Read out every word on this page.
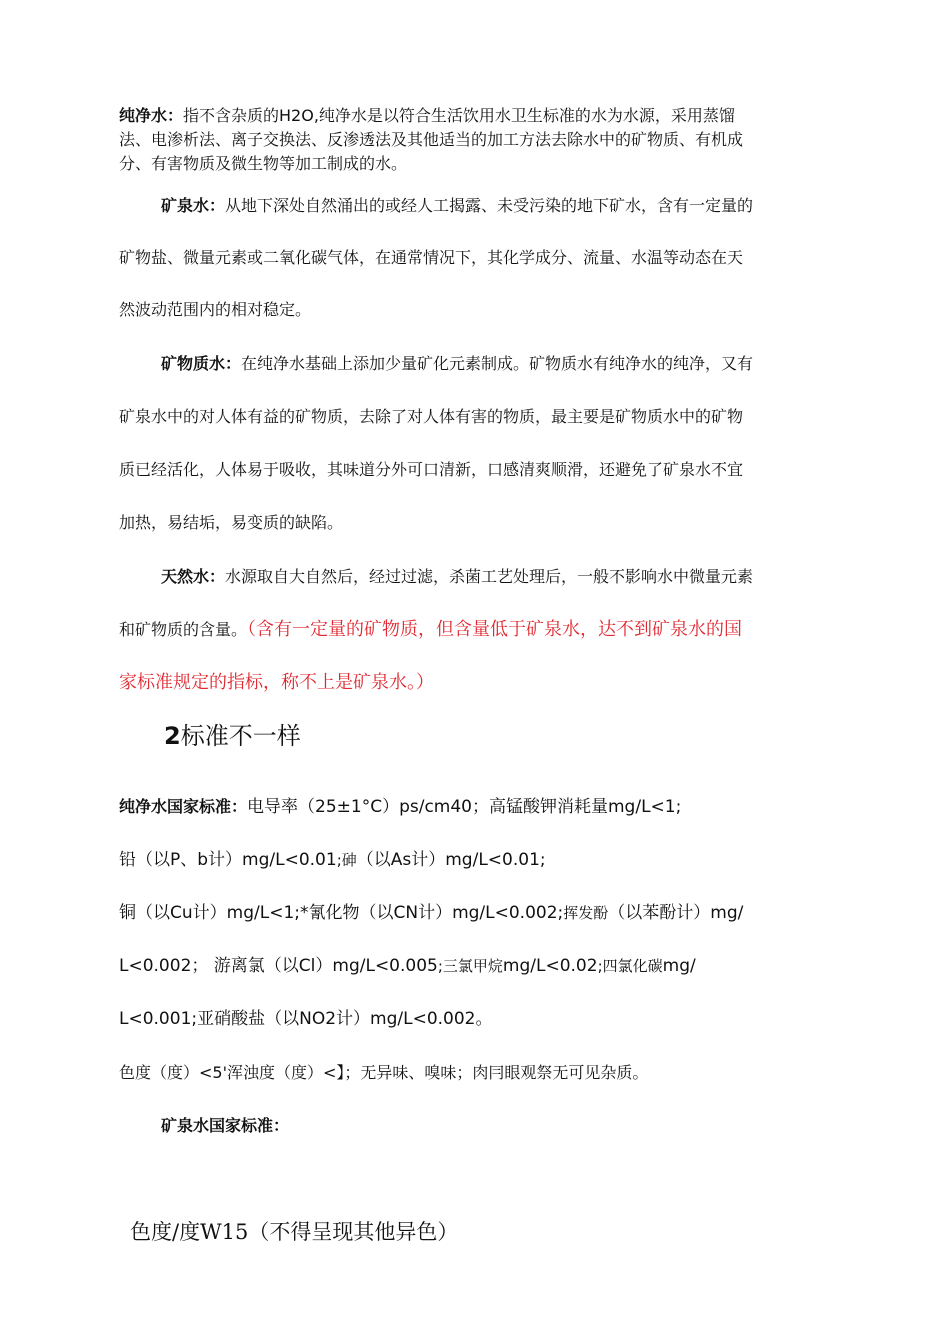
纯净水：指不含杂质的H2O,纯净水是以符合生活饮用水卫生标准的水为水源，采用蒸馏
法、电渗析法、离子交换法、反渗透法及其他适当的加工方法去除水中的矿物质、有机成
分、有害物质及微生物等加工制成的水。
矿泉水：从地下深处自然涌出的或经人工揭露、未受污染的地下矿水，含有一定量的
矿物盐、微量元素或二氧化碳气体，在通常情况下，其化学成分、流量、水温等动态在天
然波动范围内的相对稳定。
矿物质水：在纯净水基础上添加少量矿化元素制成。矿物质水有纯净水的纯净，又有
矿泉水中的对人体有益的矿物质，去除了对人体有害的物质，最主要是矿物质水中的矿物
质已经活化，人体易于吸收，其味道分外可口清新，口感清爽顺滑，还避免了矿泉水不宜
加热，易结垢，易变质的缺陷。
天然水：水源取自大自然后，经过过滤，杀菌工艺处理后，一般不影响水中微量元素
和矿物质的含量。（含有一定量的矿物质，但含量低于矿泉水，达不到矿泉水的国
家标准规定的指标，称不上是矿泉水。）
2标准不一样
纯净水国家标准：电导率（25±1°C）ps/cm40；高锰酸钾消耗量mg/L<1;
铅（以P、b计）mg/L<0.01;砷（以As计）mg/L<0.01;
铜（以Cu计）mg/L<1;*氰化物（以CN计）mg/L<0.002;挥发酚（以苯酚计）mg/
L<0.002； 游离氯（以Cl）mg/L<0.005;三氯甲烷mg/L<0.02;四氯化碳mg/
L<0.001;亚硝酸盐（以NO2计）mg/L<0.002。
色度（度）<5'浑浊度（度）<】；无异味、嗅味；肉冃眼观祭无可见杂质。
矿泉水国家标准：
色度/度W15（不得呈现其他异色）
